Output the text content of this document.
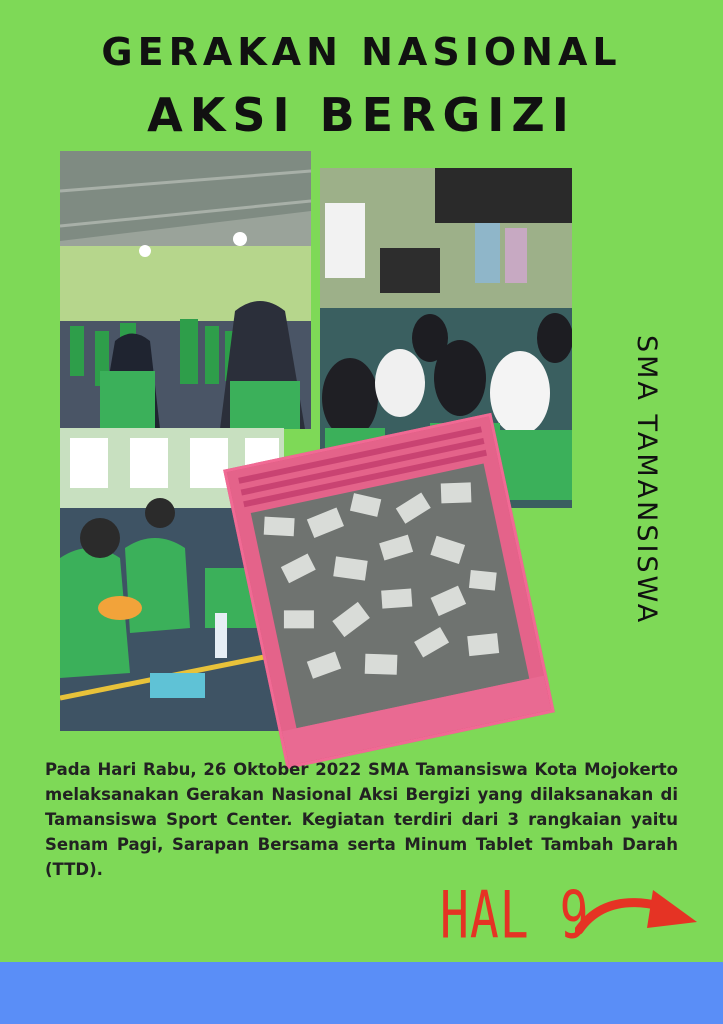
GERAKAN NASIONAL
AKSI BERGIZI
SMA TAMANSISWA
Pada Hari Rabu, 26 Oktober 2022 SMA Tamansiswa Kota Mojokerto melaksanakan Gerakan Nasional Aksi Bergizi yang dilaksanakan di Tamansiswa Sport Center. Kegiatan terdiri dari 3 rangkaian yaitu Senam Pagi, Sarapan Bersama serta Minum Tablet Tambah Darah (TTD).
HAL 9
